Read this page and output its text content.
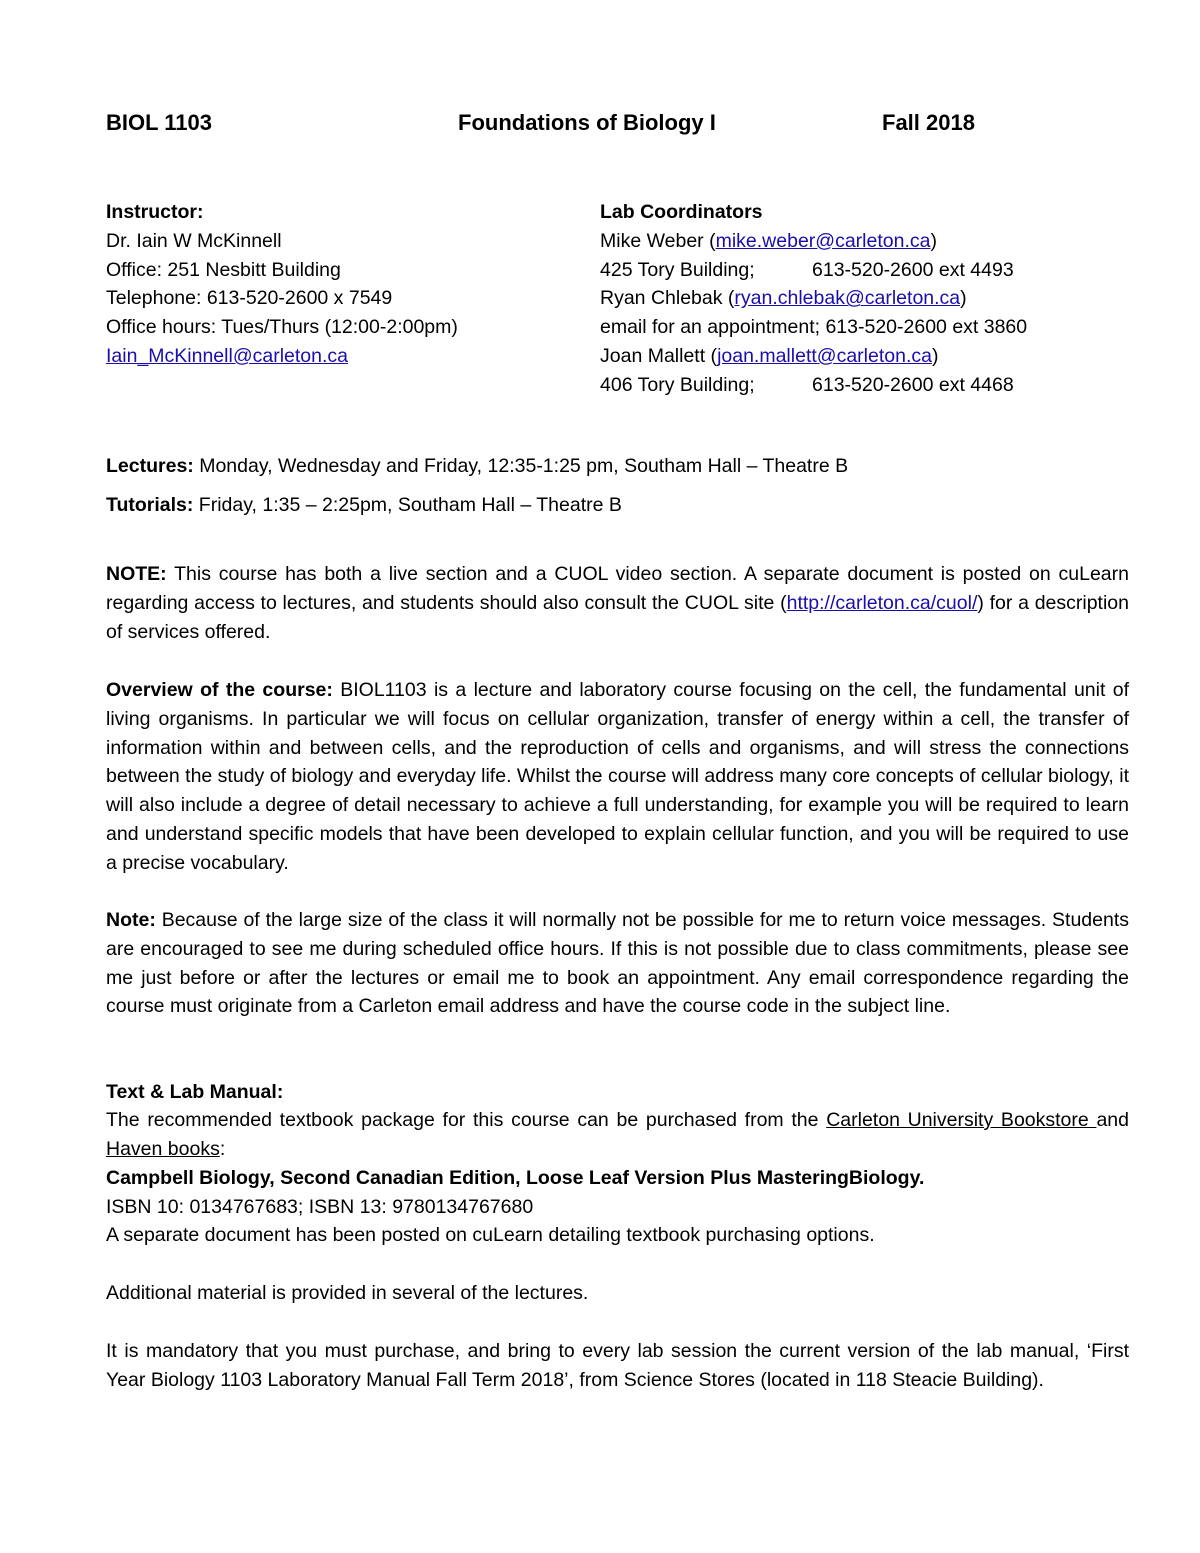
BIOL 1103	Foundations of Biology I	Fall 2018
Instructor:
Dr. Iain W McKinnell
Office: 251 Nesbitt Building
Telephone: 613-520-2600 x 7549
Office hours: Tues/Thurs (12:00-2:00pm)
Iain_McKinnell@carleton.ca
Lab Coordinators
Mike Weber (mike.weber@carleton.ca)
425 Tory Building;	613-520-2600 ext 4493
Ryan Chlebak (ryan.chlebak@carleton.ca)
email for an appointment; 613-520-2600 ext 3860
Joan Mallett (joan.mallett@carleton.ca)
406 Tory Building;	613-520-2600 ext 4468
Lectures: Monday, Wednesday and Friday, 12:35-1:25 pm, Southam Hall – Theatre B
Tutorials: Friday, 1:35 – 2:25pm, Southam Hall – Theatre B
NOTE: This course has both a live section and a CUOL video section. A separate document is posted on cuLearn regarding access to lectures, and students should also consult the CUOL site (http://carleton.ca/cuol/) for a description of services offered.
Overview of the course: BIOL1103 is a lecture and laboratory course focusing on the cell, the fundamental unit of living organisms. In particular we will focus on cellular organization, transfer of energy within a cell, the transfer of information within and between cells, and the reproduction of cells and organisms, and will stress the connections between the study of biology and everyday life. Whilst the course will address many core concepts of cellular biology, it will also include a degree of detail necessary to achieve a full understanding, for example you will be required to learn and understand specific models that have been developed to explain cellular function, and you will be required to use a precise vocabulary.
Note: Because of the large size of the class it will normally not be possible for me to return voice messages. Students are encouraged to see me during scheduled office hours. If this is not possible due to class commitments, please see me just before or after the lectures or email me to book an appointment. Any email correspondence regarding the course must originate from a Carleton email address and have the course code in the subject line.
Text & Lab Manual:
The recommended textbook package for this course can be purchased from the Carleton University Bookstore and Haven books:
Campbell Biology, Second Canadian Edition, Loose Leaf Version Plus MasteringBiology.
ISBN 10: 0134767683; ISBN 13: 9780134767680
A separate document has been posted on cuLearn detailing textbook purchasing options.
Additional material is provided in several of the lectures.
It is mandatory that you must purchase, and bring to every lab session the current version of the lab manual, ‘First Year Biology 1103 Laboratory Manual Fall Term 2018’, from Science Stores (located in 118 Steacie Building).
